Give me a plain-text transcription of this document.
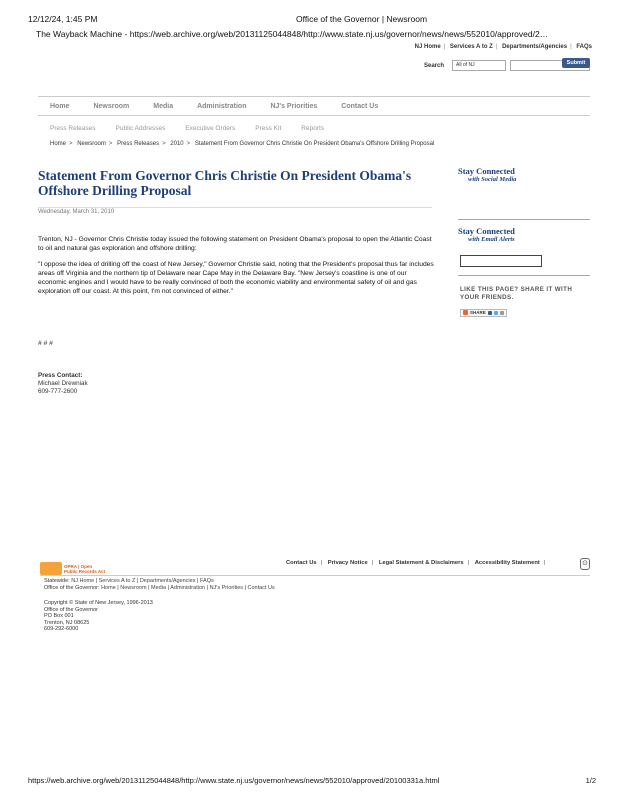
12/12/24, 1:45 PM	Office of the Governor | Newsroom
The Wayback Machine - https://web.archive.org/web/20131125044848/http://www.state.nj.us/governor/news/news/552010/approved/2…
NJ Home | Services A to Z | Departments/Agencies | FAQs
Search	All of NJ	Submit
Home	Newsroom	Media	Administration	NJ's Priorities	Contact Us
Press Releases	Public Addresses	Executive Orders	Press Kit	Reports
Home > Newsroom > Press Releases > 2010 > Statement From Governor Chris Christie On President Obama's Offshore Drilling Proposal
Statement From Governor Chris Christie On President Obama's Offshore Drilling Proposal
Wednesday, March 31, 2010

Trenton, NJ - Governor Chris Christie today issued the following statement on President Obama's proposal to open the Atlantic Coast to oil and natural gas exploration and offshore drilling:

"I oppose the idea of drilling off the coast of New Jersey," Governor Christie said, noting that the President's proposal thus far includes areas off Virginia and the northern tip of Delaware near Cape May in the Delaware Bay. "New Jersey's coastline is one of our economic engines and I would have to be really convinced of both the economic viability and environmental safety of oil and gas exploration off our coast. At this point, I'm not convinced of either."

# # #
Press Contact:
Michael Drewniak
609-777-2600
Stay Connected
with Social Media
Stay Connected
with Email Alerts
LIKE THIS PAGE? SHARE IT WITH YOUR FRIENDS.
SHARE
OPRA | Open
Public Records Act
Contact Us | Privacy Notice | Legal Statement & Disclaimers | Accessibility Statement |	⊙
Statewide: NJ Home | Services A to Z | Departments/Agencies | FAQs
Office of the Governor: Home | Newsroom | Media | Administration | NJ's Priorities | Contact Us
Copyright © State of New Jersey, 1996-2013
Office of the Governor
PO Box 001
Trenton, NJ 08625
609-292-6000
https://web.archive.org/web/20131125044848/http://www.state.nj.us/governor/news/news/552010/approved/20100331a.html	1/2
